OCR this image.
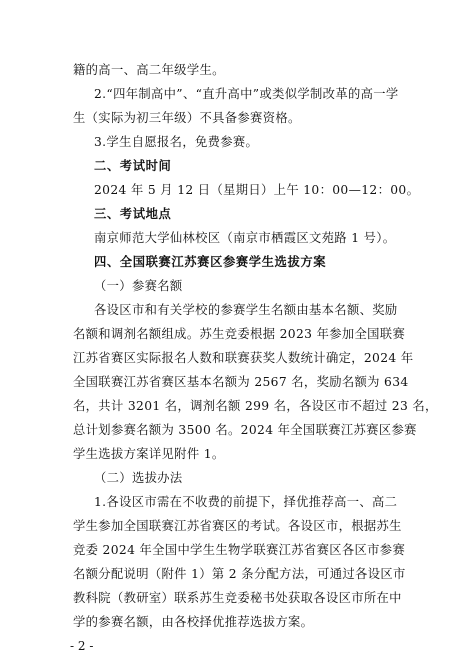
籍的高一、高二年级学生。
2.“四年制高中”、“直升高中”或类似学制改革的高一学
生（实际为初三年级）不具备参赛资格。
3.学生自愿报名，免费参赛。
二、考试时间
2024 年 5 月 12 日（星期日）上午 10：00—12：00。
三、考试地点
南京师范大学仙林校区（南京市栖霞区文苑路 1 号）。
四、全国联赛江苏赛区参赛学生选拔方案
（一）参赛名额
各设区市和有关学校的参赛学生名额由基本名额、奖励
名额和调剂名额组成。苏生竞委根据 2023 年参加全国联赛
江苏省赛区实际报名人数和联赛获奖人数统计确定，2024 年
全国联赛江苏省赛区基本名额为 2567 名，奖励名额为 634
名，共计 3201 名，调剂名额 299 名，各设区市不超过 23 名，
总计划参赛名额为 3500 名。2024 年全国联赛江苏赛区参赛
学生选拔方案详见附件 1。
（二）选拔办法
1.各设区市需在不收费的前提下，择优推荐高一、高二
学生参加全国联赛江苏省赛区的考试。各设区市，根据苏生
竞委 2024 年全国中学生生物学联赛江苏省赛区各区市参赛
名额分配说明（附件 1）第 2 条分配方法，可通过各设区市
教科院（教研室）联系苏生竞委秘书处获取各设区市所在中
学的参赛名额，由各校择优推荐选拔方案。
- 2 -
